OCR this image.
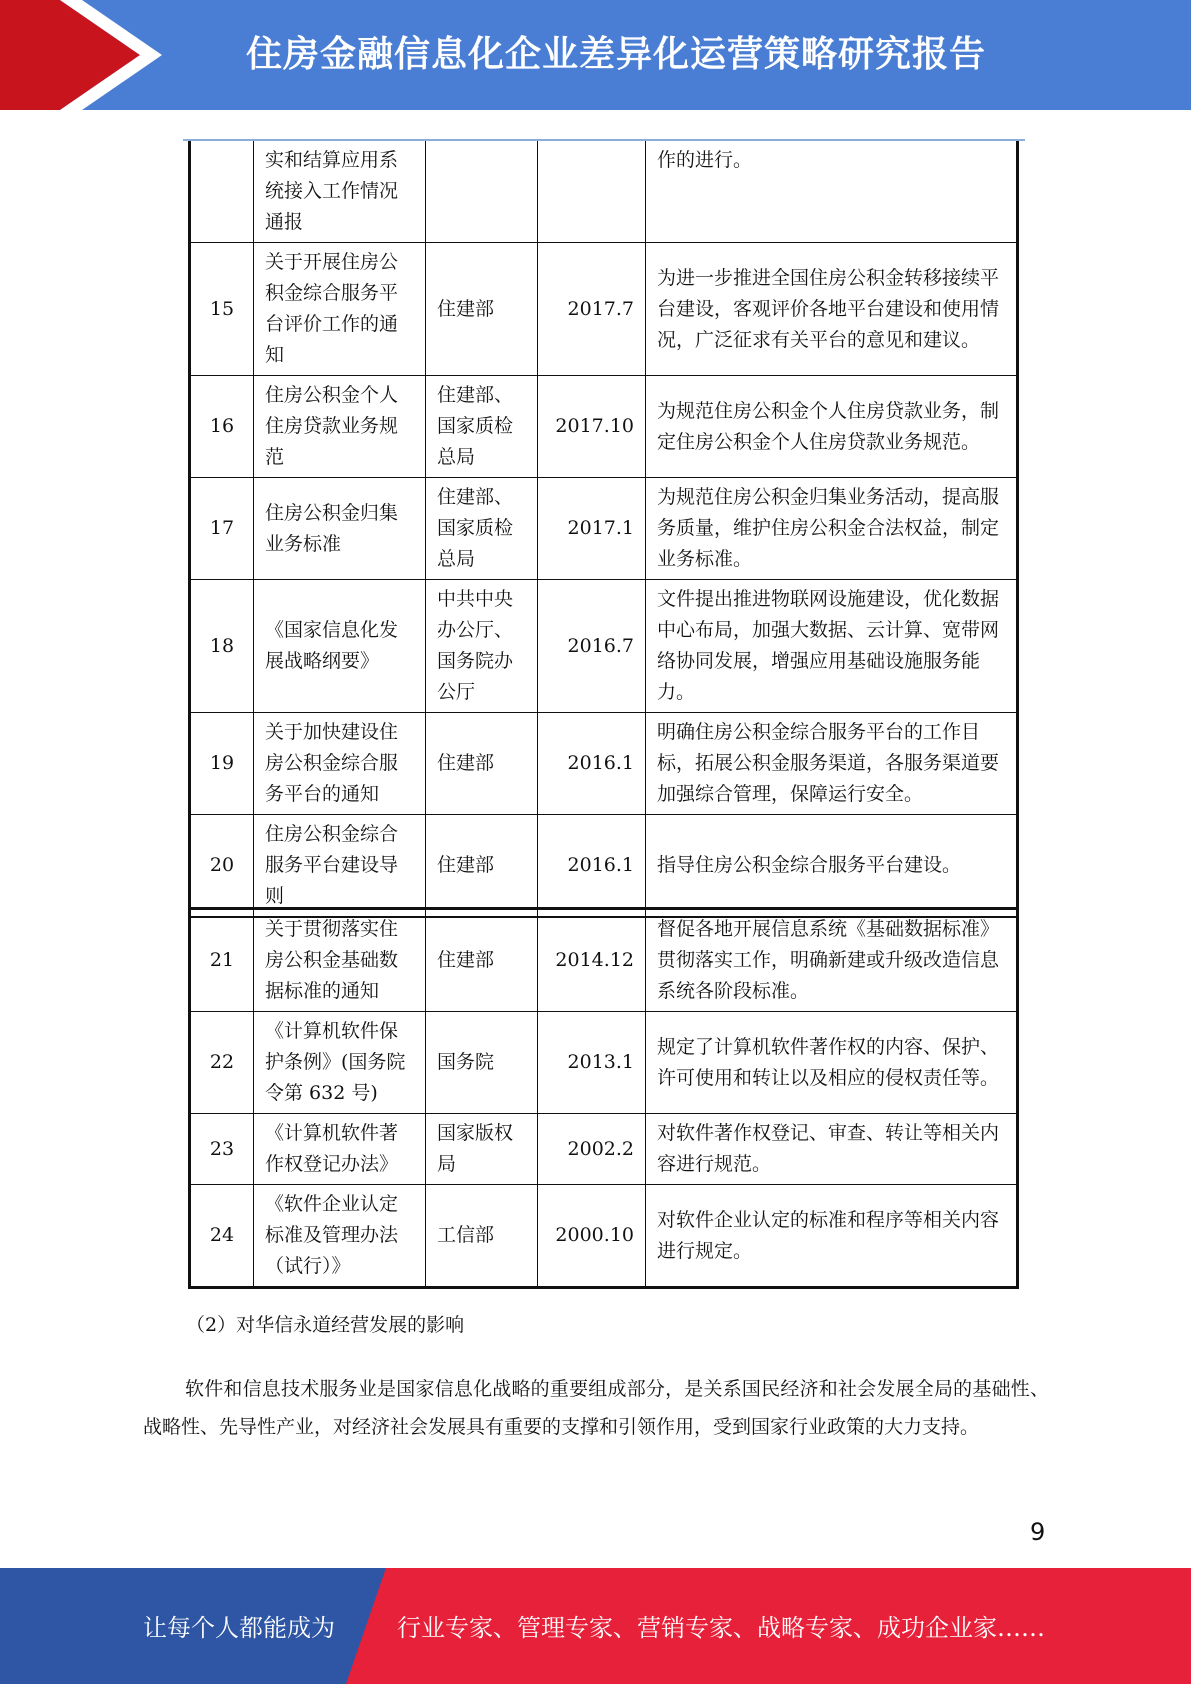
住房金融信息化企业差异化运营策略研究报告
	实和结算应用系统接入工作情况通报			作的进行。
15	关于开展住房公积金综合服务平台评价工作的通知	住建部	2017.7	为进一步推进全国住房公积金转移接续平台建设，客观评价各地平台建设和使用情况，广泛征求有关平台的意见和建议。
16	住房公积金个人住房贷款业务规范	住建部、国家质检总局	2017.10	为规范住房公积金个人住房贷款业务，制定住房公积金个人住房贷款业务规范。
17	住房公积金归集业务标准	住建部、国家质检总局	2017.1	为规范住房公积金归集业务活动，提高服务质量，维护住房公积金合法权益，制定业务标准。
18	《国家信息化发展战略纲要》	中共中央办公厅、国务院办公厅	2016.7	文件提出推进物联网设施建设，优化数据中心布局，加强大数据、云计算、宽带网络协同发展，增强应用基础设施服务能力。
19	关于加快建设住房公积金综合服务平台的通知	住建部	2016.1	明确住房公积金综合服务平台的工作目标，拓展公积金服务渠道，各服务渠道要加强综合管理，保障运行安全。
20	住房公积金综合服务平台建设导则	住建部	2016.1	指导住房公积金综合服务平台建设。
21	关于贯彻落实住房公积金基础数据标准的通知	住建部	2014.12	督促各地开展信息系统《基础数据标准》贯彻落实工作，明确新建或升级改造信息系统各阶段标准。
22	《计算机软件保护条例》(国务院令第 632 号)	国务院	2013.1	规定了计算机软件著作权的内容、保护、许可使用和转让以及相应的侵权责任等。
23	《计算机软件著作权登记办法》	国家版权局	2002.2	对软件著作权登记、审查、转让等相关内容进行规范。
24	《软件企业认定标准及管理办法（试行）》	工信部	2000.10	对软件企业认定的标准和程序等相关内容进行规定。
（2）对华信永道经营发展的影响
软件和信息技术服务业是国家信息化战略的重要组成部分，是关系国民经济和社会发展全局的基础性、战略性、先导性产业，对经济社会发展具有重要的支撑和引领作用，受到国家行业政策的大力支持。
9
让每个人都能成为	行业专家、管理专家、营销专家、战略专家、成功企业家……
